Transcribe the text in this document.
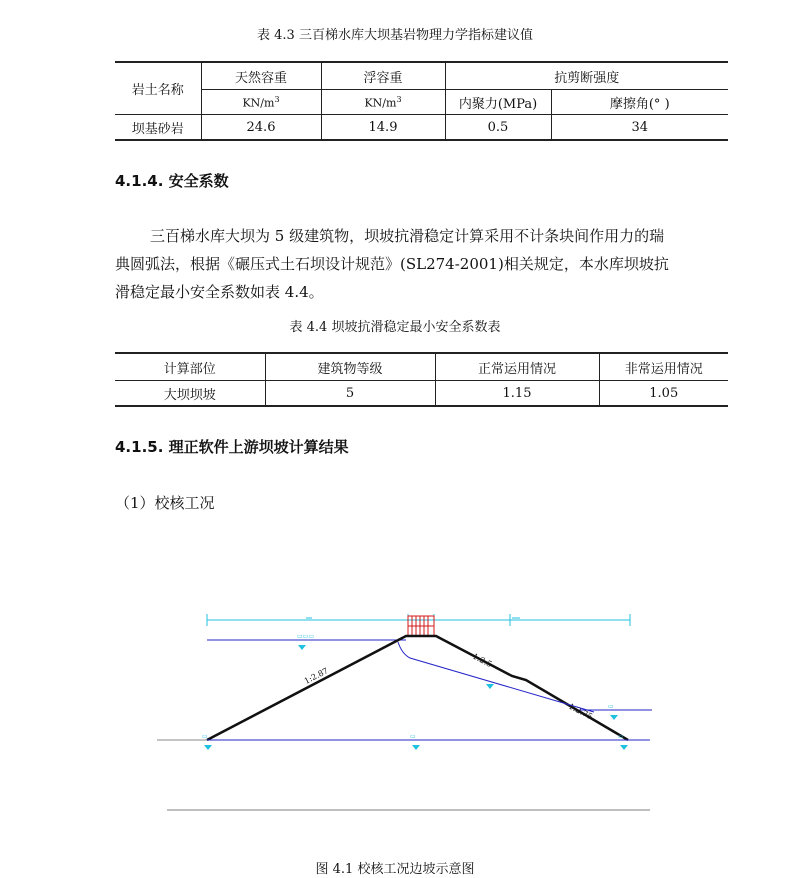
表 4.3 三百梯水库大坝基岩物理力学指标建议值
岩土名称	天然容重	浮容重	抗剪断强度	
	$KN/m^3$	$KN/m^3$	内聚力(MPa)	摩擦角(° )
坝基砂岩	24.6	14.9	0.5	34
4.1.4. 安全系数
三百梯水库大坝为 5 级建筑物，坝坡抗滑稳定计算采用不计条块间作用力的瑞
典圆弧法，根据《碾压式土石坝设计规范》(SL274-2001)相关规定，本水库坝坡抗
滑稳定最小安全系数如表 4.4。
表 4.4 坝坡抗滑稳定最小安全系数表
计算部位	建筑物等级	正常运用情况	非常运用情况
大坝坝坡	5	1.15	1.05
4.1.5. 理正软件上游坝坡计算结果
（1）校核工况
▭▭▭
1:2.87
1:2.5
1:2.75 ▭
▭	▭	▭
图 4.1 校核工况边坡示意图
